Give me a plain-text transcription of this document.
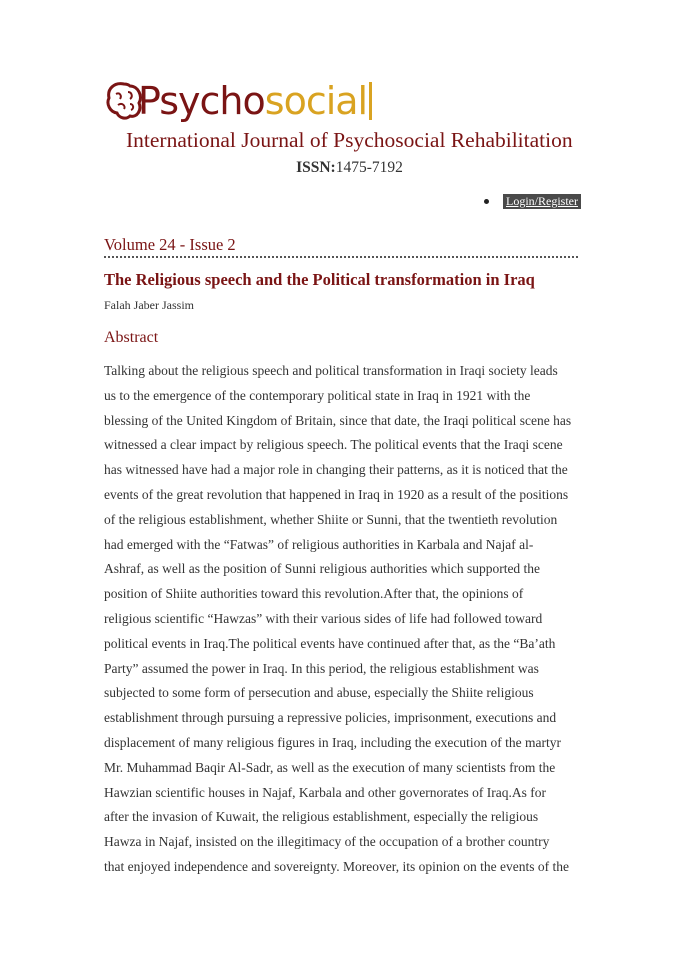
Psychosocial
International Journal of Psychosocial Rehabilitation
ISSN:1475-7192
Login/Register
Volume 24 - Issue 2
The Religious speech and the Political transformation in Iraq
Falah Jaber Jassim
Abstract
Talking about the religious speech and political transformation in Iraqi society leads
us to the emergence of the contemporary political state in Iraq in 1921 with the
blessing of the United Kingdom of Britain, since that date, the Iraqi political scene has
witnessed a clear impact by religious speech. The political events that the Iraqi scene
has witnessed have had a major role in changing their patterns, as it is noticed that the
events of the great revolution that happened in Iraq in 1920 as a result of the positions
of the religious establishment, whether Shiite or Sunni, that the twentieth revolution
had emerged with the “Fatwas” of religious authorities in Karbala and Najaf al-
Ashraf, as well as the position of Sunni religious authorities which supported the
position of Shiite authorities toward this revolution.After that, the opinions of
religious scientific “Hawzas” with their various sides of life had followed toward
political events in Iraq.The political events have continued after that, as the “Ba’ath
Party” assumed the power in Iraq. In this period, the religious establishment was
subjected to some form of persecution and abuse, especially the Shiite religious
establishment through pursuing a repressive policies, imprisonment, executions and
displacement of many religious figures in Iraq, including the execution of the martyr
Mr. Muhammad Baqir Al-Sadr, as well as the execution of many scientists from the
Hawzian scientific houses in Najaf, Karbala and other governorates of Iraq.As for
after the invasion of Kuwait, the religious establishment, especially the religious
Hawza in Najaf, insisted on the illegitimacy of the occupation of a brother country
that enjoyed independence and sovereignty. Moreover, its opinion on the events of the
